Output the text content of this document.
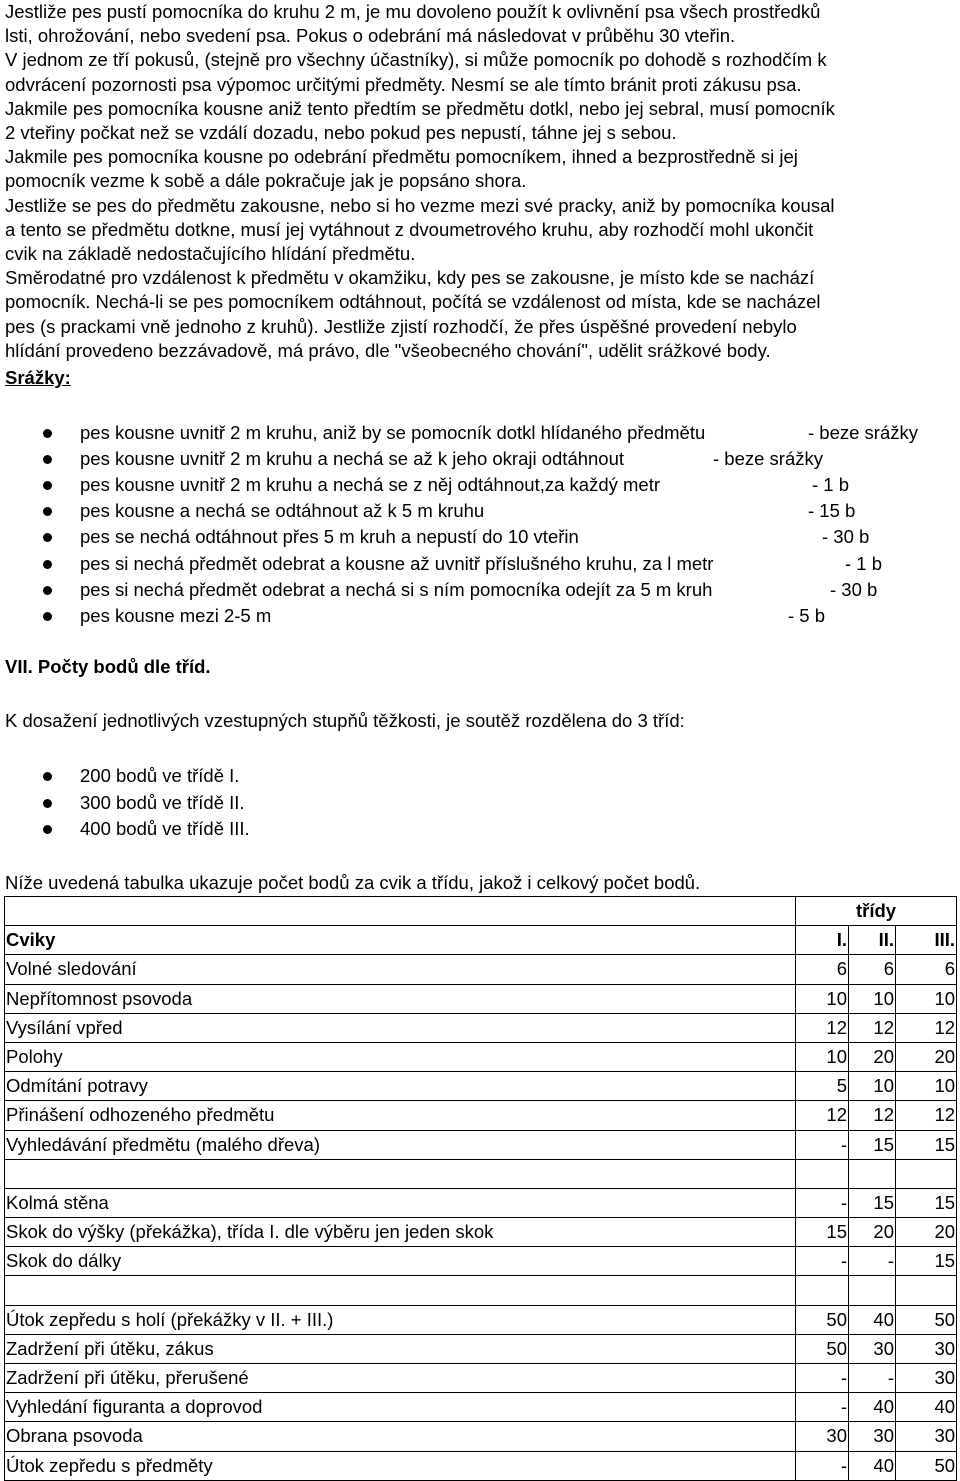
Jestliže pes pustí pomocníka do kruhu 2 m, je mu dovoleno použít k ovlivnění psa všech prostředků
lsti, ohrožování, nebo svedení psa. Pokus o odebrání má následovat v průběhu 30 vteřin.
V jednom ze tří pokusů, (stejně pro všechny účastníky), si může pomocník po dohodě s rozhodčím k
odvrácení pozornosti psa výpomoc určitými předměty. Nesmí se ale tímto bránit proti zákusu psa.
Jakmile pes pomocníka kousne aniž tento předtím se předmětu dotkl, nebo jej sebral, musí pomocník
2 vteřiny počkat než se vzdálí dozadu, nebo pokud pes nepustí, táhne jej s sebou.
Jakmile pes pomocníka kousne po odebrání předmětu pomocníkem, ihned a bezprostředně si jej
pomocník vezme k sobě a dále pokračuje jak je popsáno shora.
Jestliže se pes do předmětu zakousne, nebo si ho vezme mezi své pracky, aniž by pomocníka kousal
a tento se předmětu dotkne, musí jej vytáhnout z dvoumetrového kruhu, aby rozhodčí mohl ukončit
cvik na základě nedostačujícího hlídání předmětu.
Směrodatné pro vzdálenost k předmětu v okamžiku, kdy pes se zakousne, je místo kde se nachází
pomocník. Nechá-li se pes pomocníkem odtáhnout, počítá se vzdálenost od místa, kde se nacházel
pes (s prackami vně jednoho z kruhů). Jestliže zjistí rozhodčí, že přes úspěšné provedení nebylo
hlídání provedeno bezzávadově, má právo, dle "všeobecného chování", udělit srážkové body.
Srážky:
pes kousne uvnitř 2 m kruhu, aniž by se pomocník dotkl hlídaného předmětu	- beze srážky
pes kousne uvnitř 2 m kruhu a nechá se až k jeho okraji odtáhnout	- beze srážky
pes kousne uvnitř 2 m kruhu a nechá se z něj odtáhnout,za každý metr	- 1 b
pes kousne a nechá se odtáhnout až k 5 m kruhu	- 15 b
pes se nechá odtáhnout přes 5 m kruh a nepustí do 10 vteřin	- 30 b
pes si nechá předmět odebrat a kousne až uvnitř příslušného kruhu, za l metr	- 1 b
pes si nechá předmět odebrat a nechá si s ním pomocníka odejít za 5 m kruh	- 30 b
pes kousne mezi 2-5 m	- 5 b
VII. Počty bodů dle tříd.
K dosažení jednotlivých vzestupných stupňů těžkosti, je soutěž rozdělena do 3 tříd:
200 bodů ve třídě I.
300 bodů ve třídě II.
400 bodů ve třídě III.
Níže uvedená tabulka ukazuje počet bodů za cvik a třídu, jakož i celkový počet bodů.
	třídy		
Cviky	I.	II.	III.
Volné sledování	6	6	6
Nepřítomnost psovoda	10	10	10
Vysílání vpřed	12	12	12
Polohy	10	20	20
Odmítání potravy	5	10	10
Přinášení odhozeného předmětu	12	12	12
Vyhledávání předmětu (malého dřeva)	-	15	15

Kolmá stěna	-	15	15
Skok do výšky (překážka), třída I. dle výběru jen jeden skok	15	20	20
Skok do dálky	-	-	15

Útok zepředu s holí (překážky v II. + III.)	50	40	50
Zadržení při útěku, zákus	50	30	30
Zadržení při útěku, přerušené	-	-	30
Vyhledání figuranta a doprovod	-	40	40
Obrana psovoda	30	30	30
Útok zepředu s předměty	-	40	50
